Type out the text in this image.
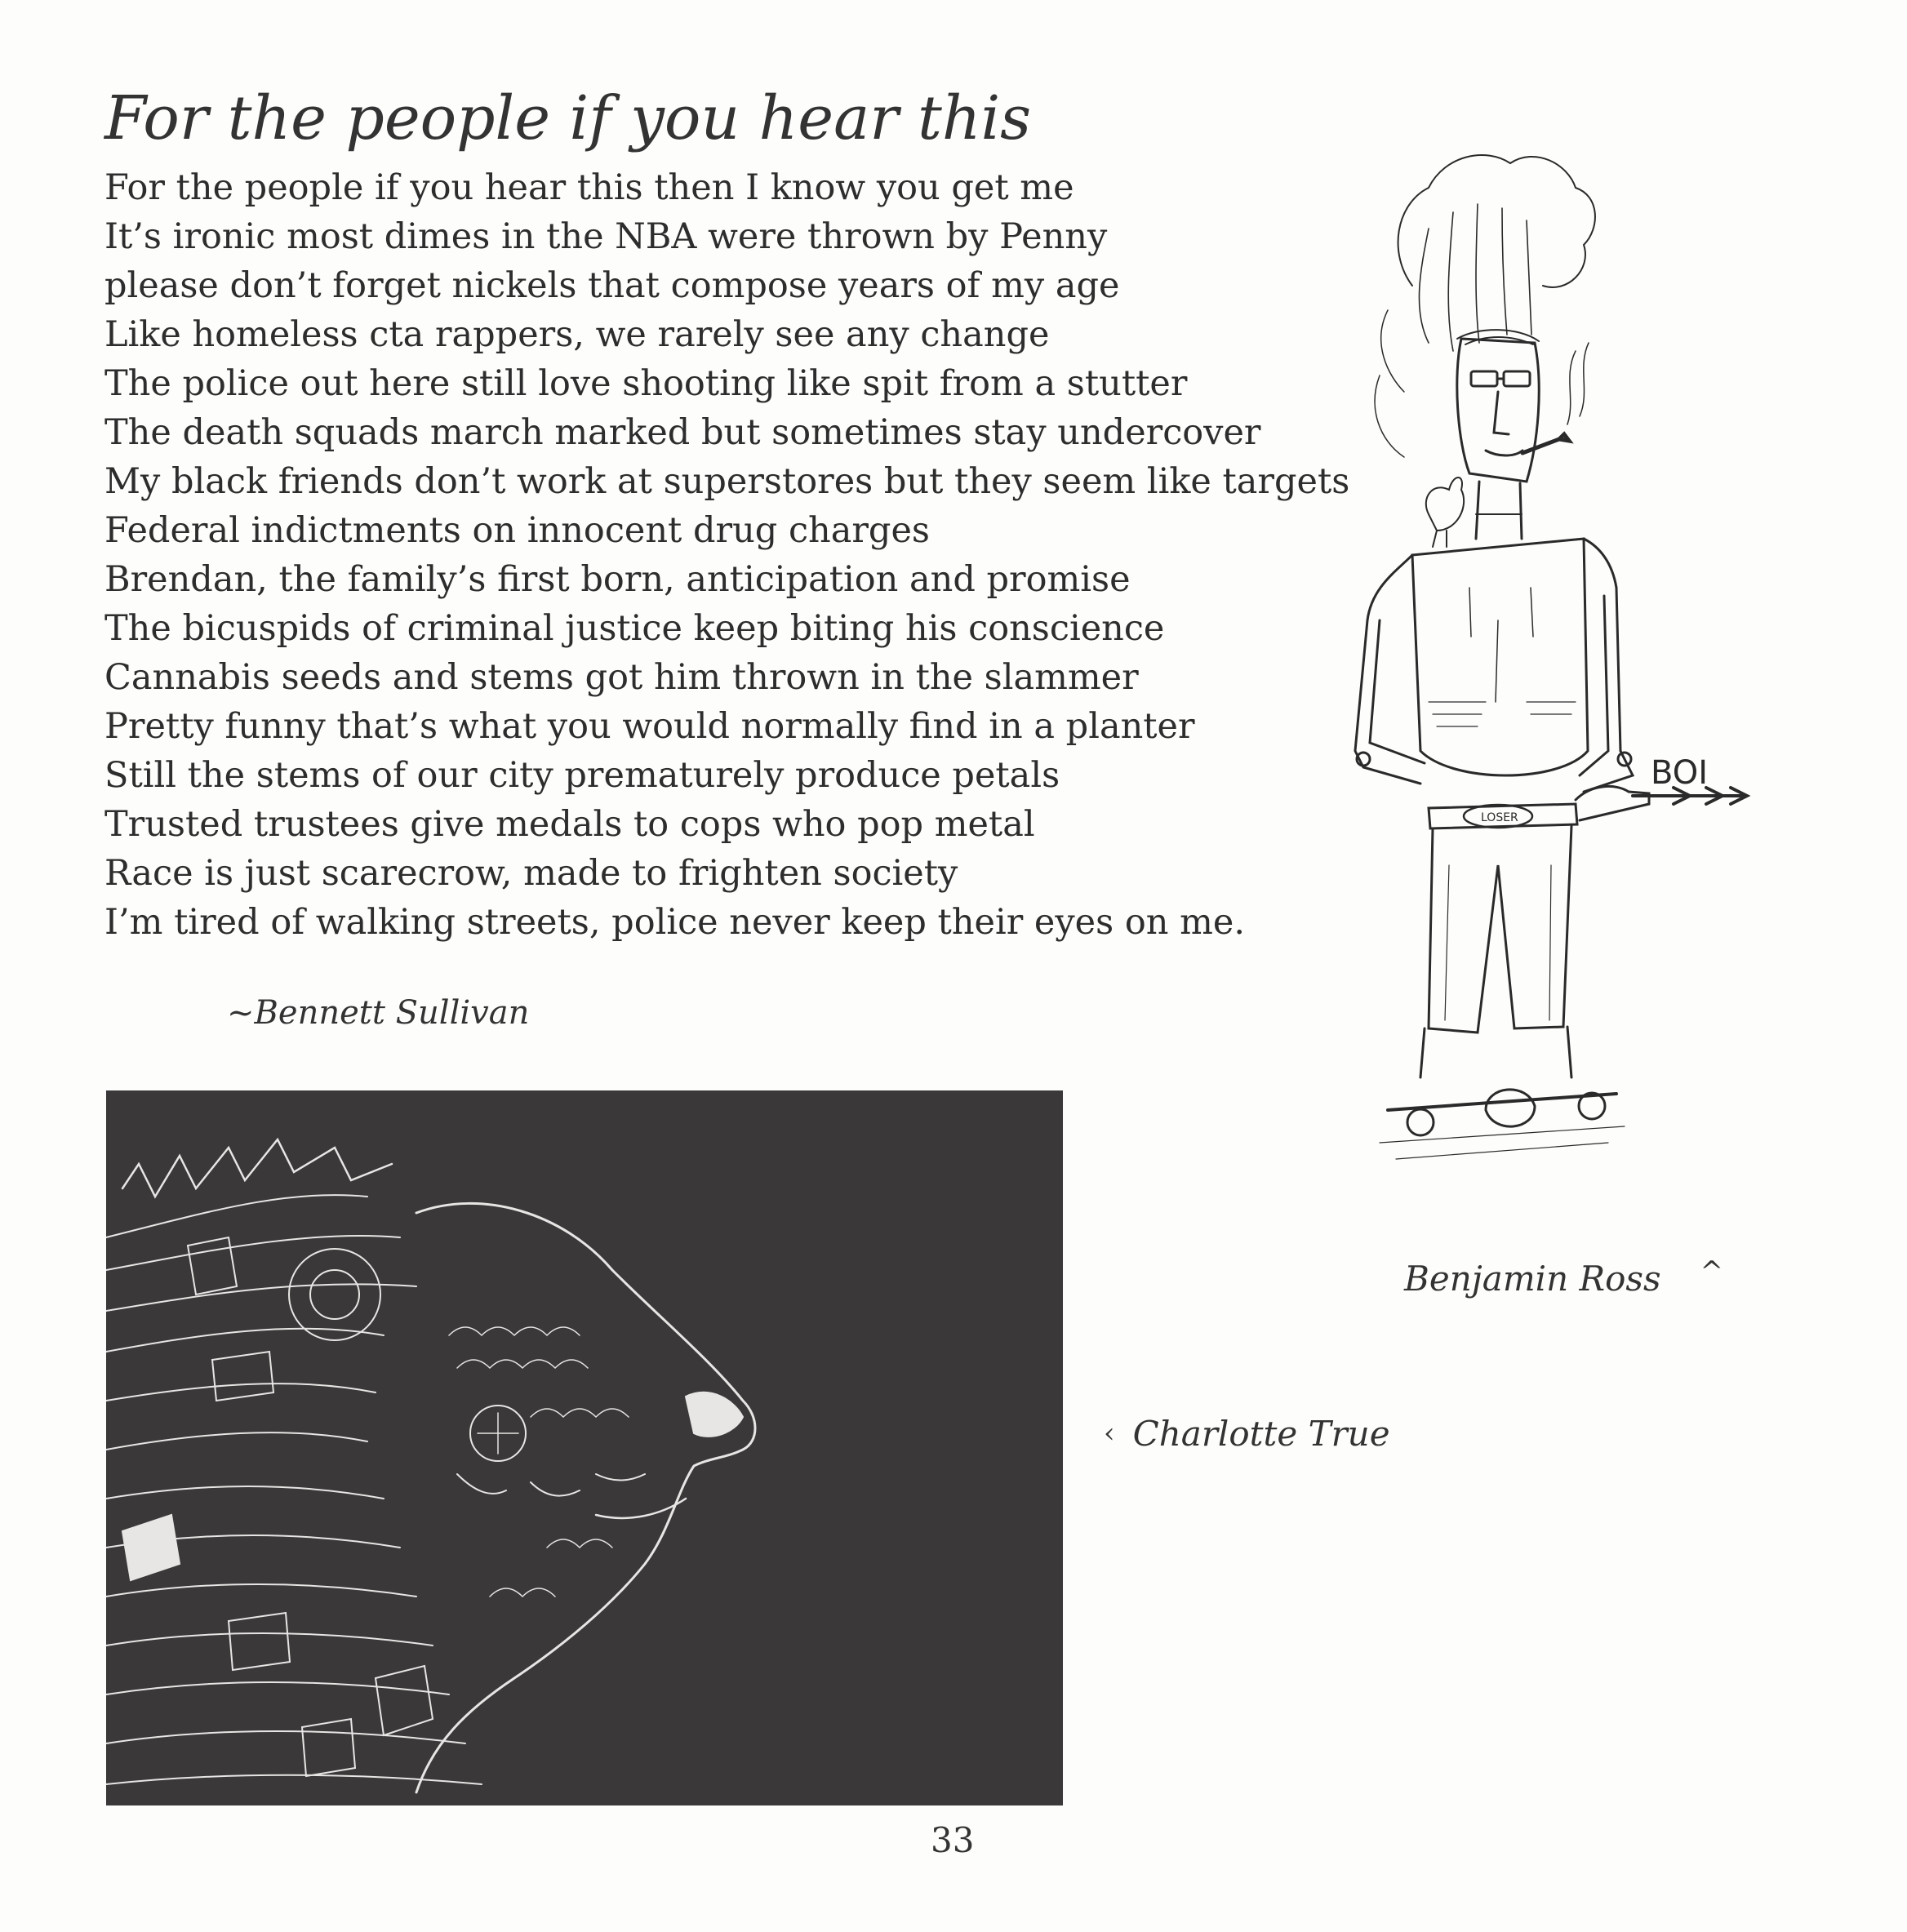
For the people if you hear this
For the people if you hear this then I know you get me
It’s ironic most dimes in the NBA were thrown by Penny
please don’t forget nickels that compose years of my age
Like homeless cta rappers, we rarely see any change
The police out here still love shooting like spit from a stutter
The death squads march marked but sometimes stay undercover
My black friends don’t work at superstores but they seem like targets
Federal indictments on innocent drug charges
Brendan, the family’s first born, anticipation and promise
The bicuspids of criminal justice keep biting his conscience
Cannabis seeds and stems got him thrown in the slammer
Pretty funny that’s what you would normally find in a planter
Still the stems of our city prematurely produce petals
Trusted trustees give medals to cops who pop metal
Race is just scarecrow, made to frighten society
I’m tired of walking streets, police never keep their eyes on me.
~Bennett Sullivan
BOI
LOSER
Benjamin Ross ^
‹ Charlotte True
33
